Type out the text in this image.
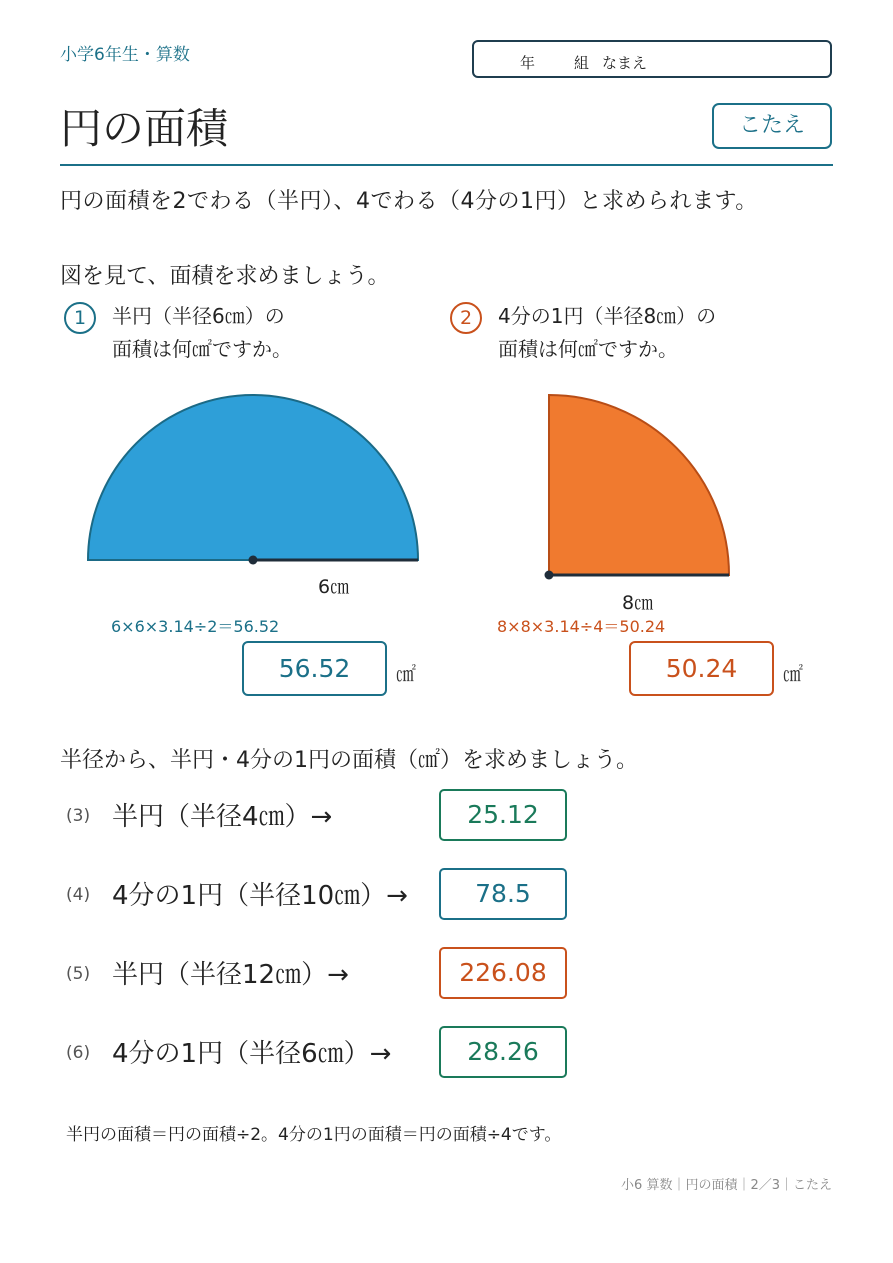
小学6年生・算数	年	組 なまえ
円の面積	こたえ
円の面積を2でわる（半円）、4でわる（4分の1円）と求められます。
図を見て、面積を求めましょう。
1	半円（半径6㎝）の
面積は何㎠ですか。
6㎝
6×6×3.14÷2＝56.52
56.52	㎠
2	4分の1円（半径8㎝）の
面積は何㎠ですか。
8㎝
8×8×3.14÷4＝50.24
50.24	㎠
半径から、半円・4分の1円の面積（㎠）を求めましょう。
(3) 半円（半径4㎝）→	25.12
(4) 4分の1円（半径10㎝）→	78.5
(5) 半円（半径12㎝）→	226.08
(6) 4分の1円（半径6㎝）→	28.26
半円の面積＝円の面積÷2。4分の1円の面積＝円の面積÷4です。
小6 算数｜円の面積｜2／3｜こたえ
